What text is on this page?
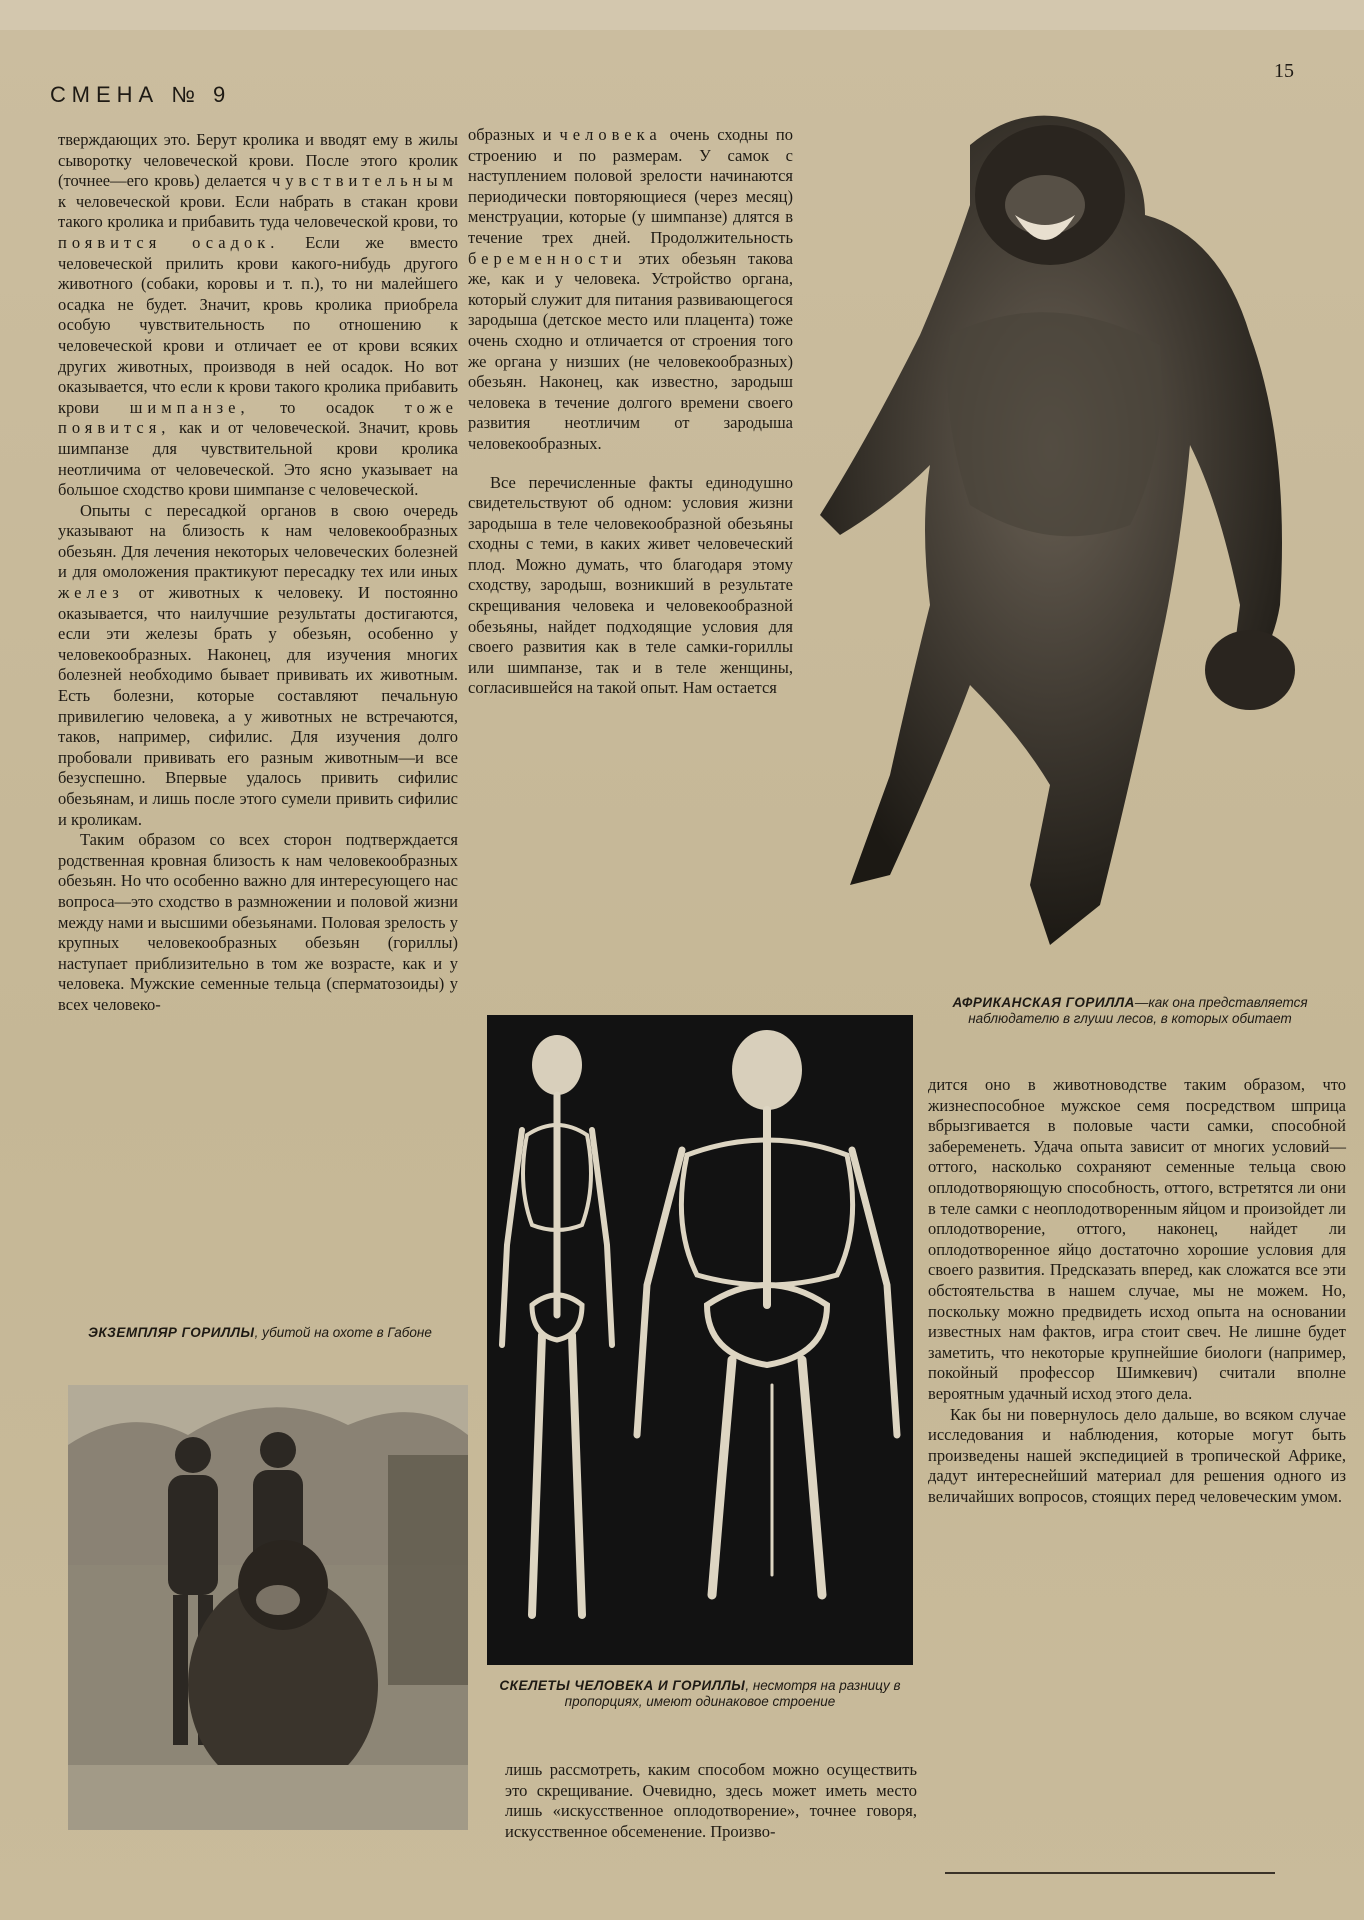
СМЕНА № 9
15

тверждающих это. Берут кролика и вводят ему в жилы сыворотку человеческой крови. После этого кролик (точнее—его кровь) делается чувствительным к человеческой крови. Если набрать в стакан крови такого кролика и прибавить туда человеческой крови, то появится осадок. Если же вместо человеческой прилить крови какого-нибудь другого животного (собаки, коровы и т. п.), то ни малейшего осадка не будет. Значит, кровь кролика приобрела особую чувствительность по отношению к человеческой крови и отличает ее от крови всяких других животных, производя в ней осадок. Но вот оказывается, что если к крови такого кролика прибавить крови шимпанзе, то осадок тоже появится, как и от человеческой. Значит, кровь шимпанзе для чувствительной крови кролика неотличима от человеческой. Это ясно указывает на большое сходство крови шимпанзе с человеческой.

Опыты с пересадкой органов в свою очередь указывают на близость к нам человекообразных обезьян. Для лечения некоторых человеческих болезней и для омоложения практикуют пересадку тех или иных желез от животных к человеку. И постоянно оказывается, что наилучшие результаты достигаются, если эти железы брать у обезьян, особенно у человекообразных. Наконец, для изучения многих болезней необходимо бывает прививать их животным. Есть болезни, которые составляют печальную привилегию человека, а у животных не встречаются, таков, например, сифилис. Для изучения долго пробовали прививать его разным животным—и все безуспешно. Впервые удалось привить сифилис обезьянам, и лишь после этого сумели привить сифилис и кроликам.

Таким образом со всех сторон подтверждается родственная кровная близость к нам человекообразных обезьян. Но что особенно важно для интересующего нас вопроса—это сходство в размножении и половой жизни между нами и высшими обезьянами. Половая зрелость у крупных человекообразных обезьян (гориллы) наступает приблизительно в том же возрасте, как и у человека. Мужские семенные тельца (сперматозоиды) у всех человеко-

образных и человека очень сходны по строению и по размерам. У самок с наступлением половой зрелости начинаются периодически повторяющиеся (через месяц) менструации, которые (у шимпанзе) длятся в течение трех дней. Продолжительность беременности этих обезьян такова же, как и у человека. Устройство органа, который служит для питания развивающегося зародыша (детское место или плацента) тоже очень сходно и отличается от строения того же органа у низших (не человекообразных) обезьян. Наконец, как известно, зародыш человека в течение долгого времени своего развития неотличим от зародыша человекообразных.

Все перечисленные факты единодушно свидетельствуют об одном: условия жизни зародыша в теле человекообразной обезьяны сходны с теми, в каких живет человеческий плод. Можно думать, что благодаря этому сходству, зародыш, возникший в результате скрещивания человека и человекообразной обезьяны, найдет подходящие условия для своего развития как в теле самки-гориллы или шимпанзе, так и в теле женщины, согласившейся на такой опыт. Нам остается

АФРИКАНСКАЯ ГОРИЛЛА—как она представляется наблюдателю в глуши лесов, в которых обитает
СКЕЛЕТЫ ЧЕЛОВЕКА И ГОРИЛЛЫ, несмотря на разницу в пропорциях, имеют одинаковое строение

лишь рассмотреть, каким способом можно осуществить это скрещивание. Очевидно, здесь может иметь место лишь «искусственное оплодотворение», точнее говоря, искусственное обсеменение. Произво-

дится оно в животноводстве таким образом, что жизнеспособное мужское семя посредством шприца вбрызгивается в половые части самки, способной забеременеть. Удача опыта зависит от многих условий—оттого, насколько сохраняют семенные тельца свою оплодотворяющую способность, оттого, встретятся ли они в теле самки с неоплодотворенным яйцом и произойдет ли оплодотворение, оттого, наконец, найдет ли оплодотворенное яйцо достаточно хорошие условия для своего развития. Предсказать вперед, как сложатся все эти обстоятельства в нашем случае, мы не можем. Но, поскольку можно предвидеть исход опыта на основании известных нам фактов, игра стоит свеч. Не лишне будет заметить, что некоторые крупнейшие биологи (например, покойный профессор Шимкевич) считали вполне вероятным удачный исход этого дела.

Как бы ни повернулось дело дальше, во всяком случае исследования и наблюдения, которые могут быть произведены нашей экспедицией в тропической Африке, дадут интереснейший материал для решения одного из величайших вопросов, стоящих перед человеческим умом.

ЭКЗЕМПЛЯР ГОРИЛЛЫ, убитой на охоте в Габоне
